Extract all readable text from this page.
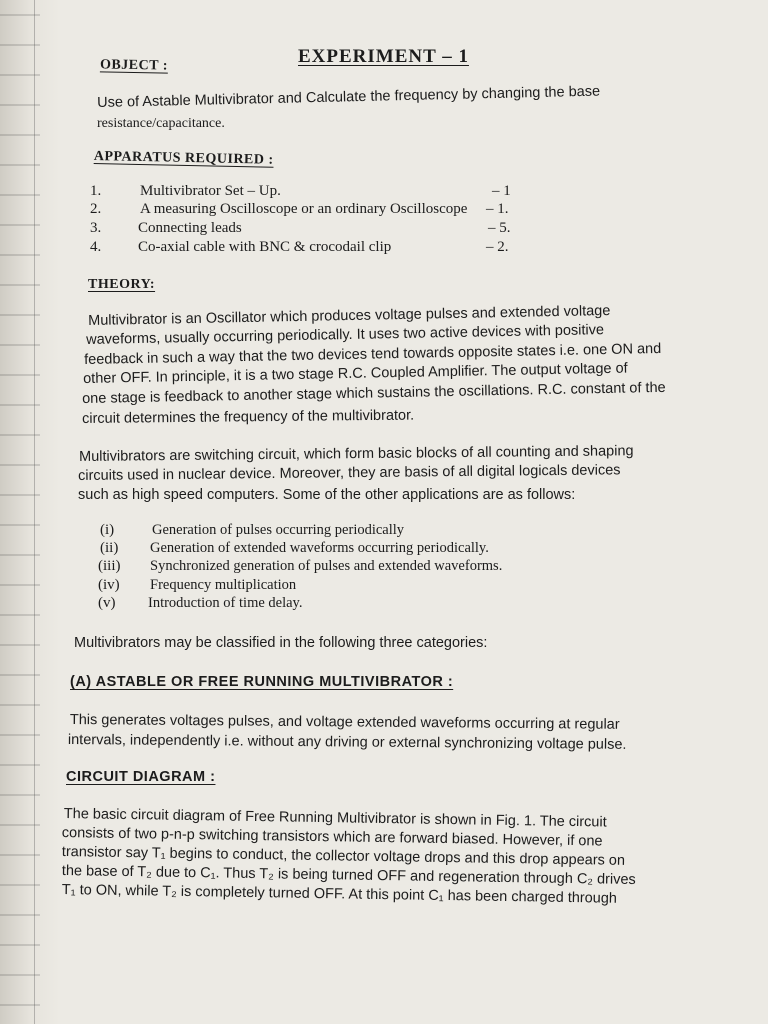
OBJECT :	EXPERIMENT – 1
Use of Astable Multivibrator and Calculate the frequency by changing the base
resistance/capacitance.
APPARATUS REQUIRED :
1.	Multivibrator Set – Up.	– 1
2.	A measuring Oscilloscope or an ordinary Oscilloscope – 1.
3. Connecting leads	– 5.
4. Co-axial cable with BNC & crocodail clip	– 2.
THEORY:
Multivibrator is an Oscillator which produces voltage pulses and extended voltage
waveforms, usually occurring periodically. It uses two active devices with positive
feedback in such a way that the two devices tend towards opposite states i.e. one ON and
other OFF. In principle, it is a two stage R.C. Coupled Amplifier. The output voltage of
one stage is feedback to another stage which sustains the oscillations. R.C. constant of the
circuit determines the frequency of the multivibrator.
Multivibrators are switching circuit, which form basic blocks of all counting and shaping
circuits used in nuclear device. Moreover, they are basis of all digital logicals devices
such as high speed computers. Some of the other applications are as follows:
(i)	Generation of pulses occurring periodically
(ii) Generation of extended waveforms occurring periodically.
(iii) Synchronized generation of pulses and extended waveforms.
(iv) Frequency multiplication
(v) Introduction of time delay.
Multivibrators may be classified in the following three categories:
(A) ASTABLE OR FREE RUNNING MULTIVIBRATOR :
This generates voltages pulses, and voltage extended waveforms occurring at regular
intervals, independently i.e. without any driving or external synchronizing voltage pulse.
CIRCUIT DIAGRAM :
The basic circuit diagram of Free Running Multivibrator is shown in Fig. 1. The circuit
consists of two p-n-p switching transistors which are forward biased. However, if one
transistor say T₁ begins to conduct, the collector voltage drops and this drop appears on
the base of T₂ due to C₁. Thus T₂ is being turned OFF and regeneration through C₂ drives
T₁ to ON, while T₂ is completely turned OFF. At this point C₁ has been charged through
